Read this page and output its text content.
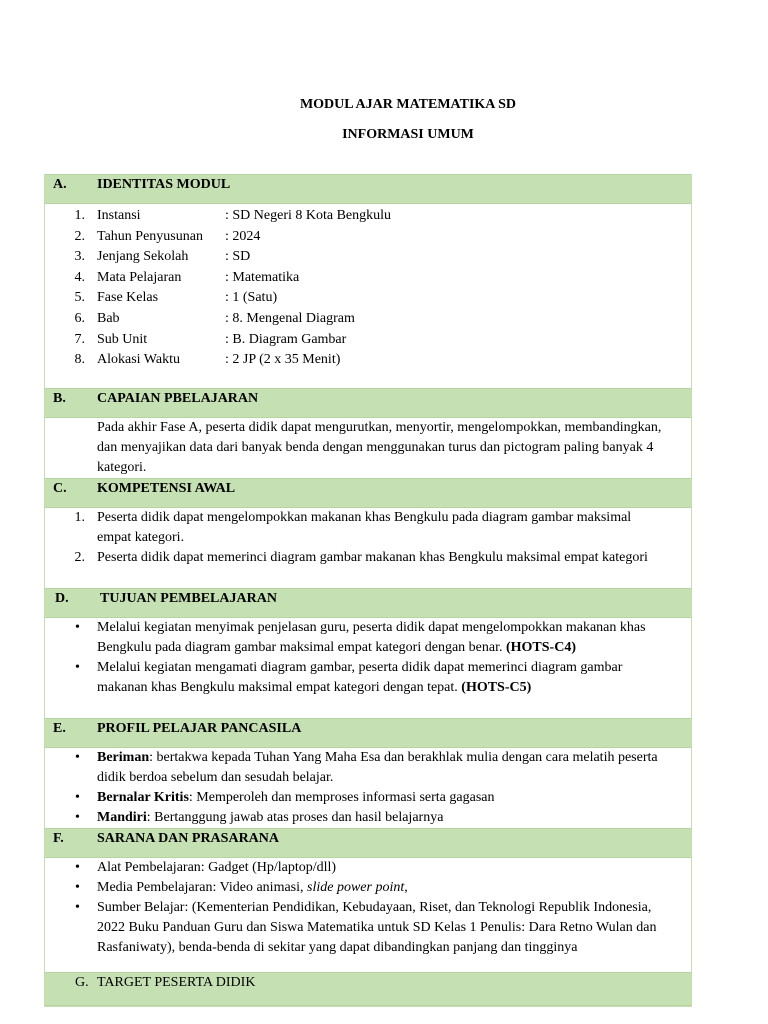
MODUL AJAR MATEMATIKA SD
INFORMASI UMUM
A. IDENTITAS MODUL
1. Instansi	: SD Negeri 8 Kota Bengkulu
2. Tahun Penyusunan : 2024
3. Jenjang Sekolah	: SD
4. Mata Pelajaran	: Matematika
5. Fase Kelas	: 1 (Satu)
6. Bab	: 8. Mengenal Diagram
7. Sub Unit	: B. Diagram Gambar
8. Alokasi Waktu	: 2 JP (2 x 35 Menit)
B. CAPAIAN PBELAJARAN
Pada akhir Fase A, peserta didik dapat mengurutkan, menyortir, mengelompokkan, membandingkan, dan menyajikan data dari banyak benda dengan menggunakan turus dan pictogram paling banyak 4 kategori.
C. KOMPETENSI AWAL
1. Peserta didik dapat mengelompokkan makanan khas Bengkulu pada diagram gambar maksimal empat kategori.
2. Peserta didik dapat memerinci diagram gambar makanan khas Bengkulu maksimal empat kategori
D. TUJUAN PEMBELAJARAN
• Melalui kegiatan menyimak penjelasan guru, peserta didik dapat mengelompokkan makanan khas Bengkulu pada diagram gambar maksimal empat kategori dengan benar. (HOTS-C4)
• Melalui kegiatan mengamati diagram gambar, peserta didik dapat memerinci diagram gambar makanan khas Bengkulu maksimal empat kategori dengan tepat. (HOTS-C5)
E. PROFIL PELAJAR PANCASILA
• Beriman: bertakwa kepada Tuhan Yang Maha Esa dan berakhlak mulia dengan cara melatih peserta didik berdoa sebelum dan sesudah belajar.
• Bernalar Kritis: Memperoleh dan memproses informasi serta gagasan
• Mandiri: Bertanggung jawab atas proses dan hasil belajarnya
F. SARANA DAN PRASARANA
• Alat Pembelajaran: Gadget (Hp/laptop/dll)
• Media Pembelajaran: Video animasi, slide power point,
• Sumber Belajar: (Kementerian Pendidikan, Kebudayaan, Riset, dan Teknologi Republik Indonesia, 2022 Buku Panduan Guru dan Siswa Matematika untuk SD Kelas 1 Penulis: Dara Retno Wulan dan Rasfaniwaty), benda-benda di sekitar yang dapat dibandingkan panjang dan tingginya
G. TARGET PESERTA DIDIK
